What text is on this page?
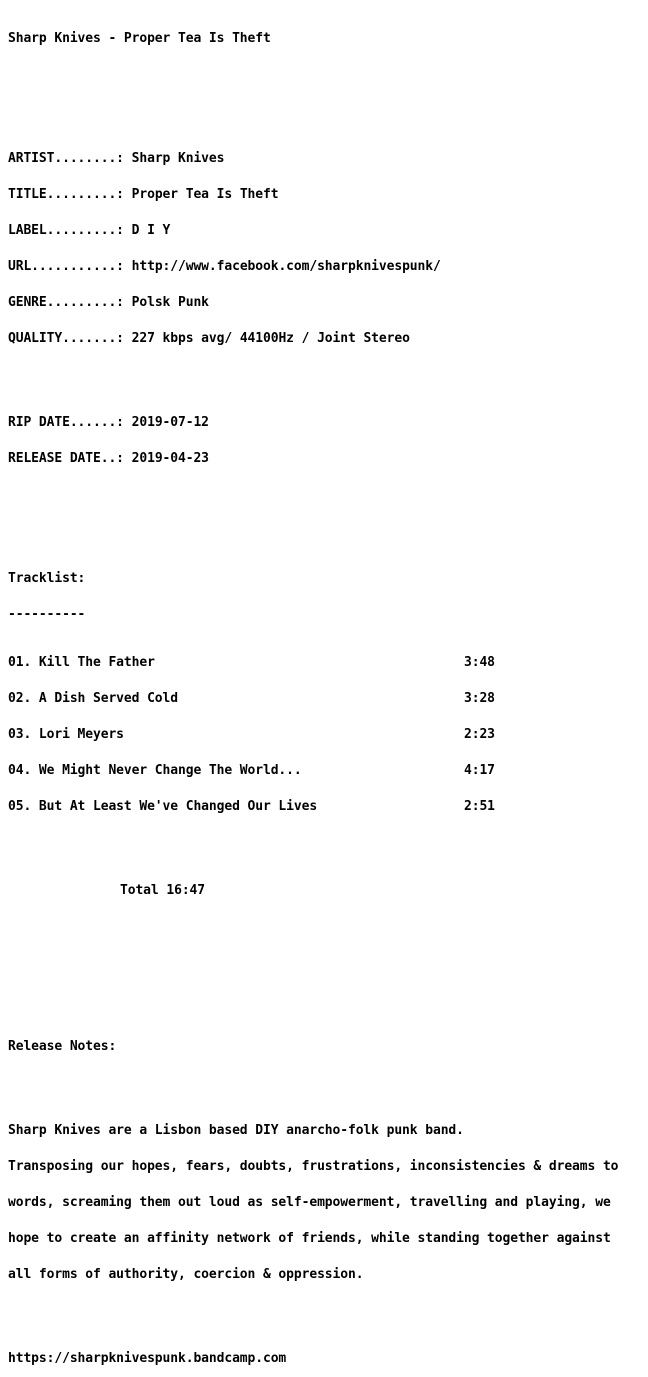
Sharp Knives - Proper Tea Is Theft

ARTIST........: Sharp Knives

TITLE.........: Proper Tea Is Theft

LABEL.........: D I Y

URL...........: http://www.facebook.com/sharpknivespunk/

GENRE.........: Polsk Punk

QUALITY.......: 227 kbps avg/ 44100Hz / Joint Stereo

RIP DATE......: 2019-07-12

RELEASE DATE..: 2019-04-23

Tracklist:

----------

01. Kill The Father	3:48

02. A Dish Served Cold	3:28

03. Lori Meyers	2:23

04. We Might Never Change The World...	4:17

05. But At Least We've Changed Our Lives	2:51

Total 16:47

Release Notes:

Sharp Knives are a Lisbon based DIY anarcho-folk punk band.

Transposing our hopes, fears, doubts, frustrations, inconsistencies & dreams to

words, screaming them out loud as self-empowerment, travelling and playing, we

hope to create an affinity network of friends, while standing together against

all forms of authority, coercion & oppression.

https://sharpknivespunk.bandcamp.com
